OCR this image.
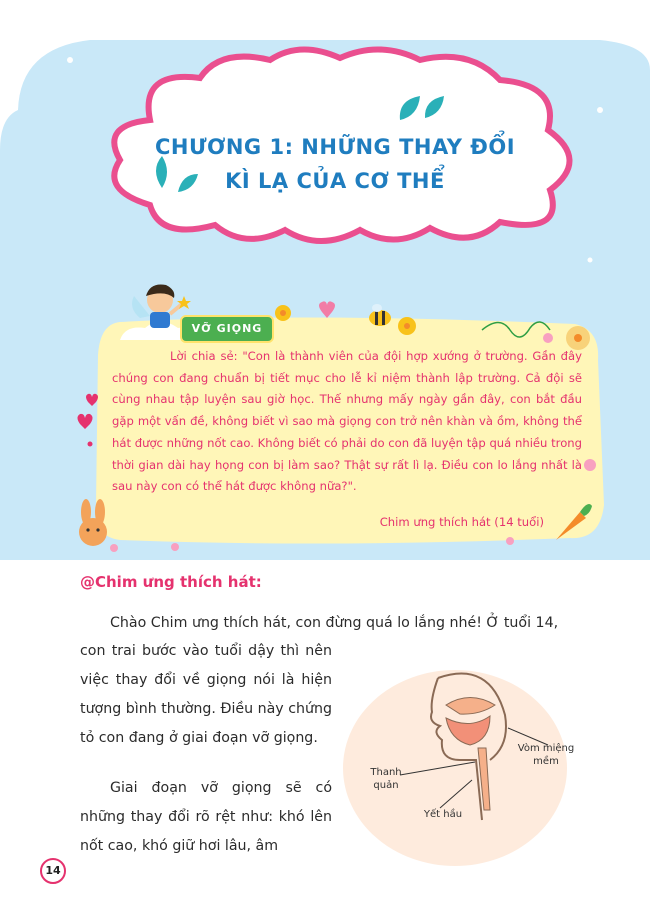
CHƯƠNG 1: NHỮNG THAY ĐỔI
KÌ LẠ CỦA CƠ THỂ
VỠ GIỌNG

Lời chia sẻ: "Con là thành viên của đội hợp xướng ở trường. Gần đây chúng con đang chuẩn bị tiết mục cho lễ kỉ niệm thành lập trường. Cả đội sẽ cùng nhau tập luyện sau giờ học. Thế nhưng mấy ngày gần đây, con bắt đầu gặp một vấn đề, không biết vì sao mà giọng con trở nên khàn và ồm, không thể hát được những nốt cao. Không biết có phải do con đã luyện tập quá nhiều trong thời gian dài hay họng con bị làm sao? Thật sự rất lì lạ. Điều con lo lắng nhất là sau này con có thể hát được không nữa?".

Chim ưng thích hát (14 tuổi)
@Chim ưng thích hát:
Chào Chim ưng thích hát, con đừng quá lo lắng nhé! Ở tuổi 14,
con trai bước vào tuổi dậy thì nên việc thay đổi về giọng nói là hiện tượng bình thường. Điều này chứng tỏ con đang ở giai đoạn vỡ giọng.
Giai đoạn vỡ giọng sẽ có những thay đổi rõ rệt như: khó lên nốt cao, khó giữ hơi lâu, âm
Vòm miệng mềm
Thanh quản
Yết hầu
14
